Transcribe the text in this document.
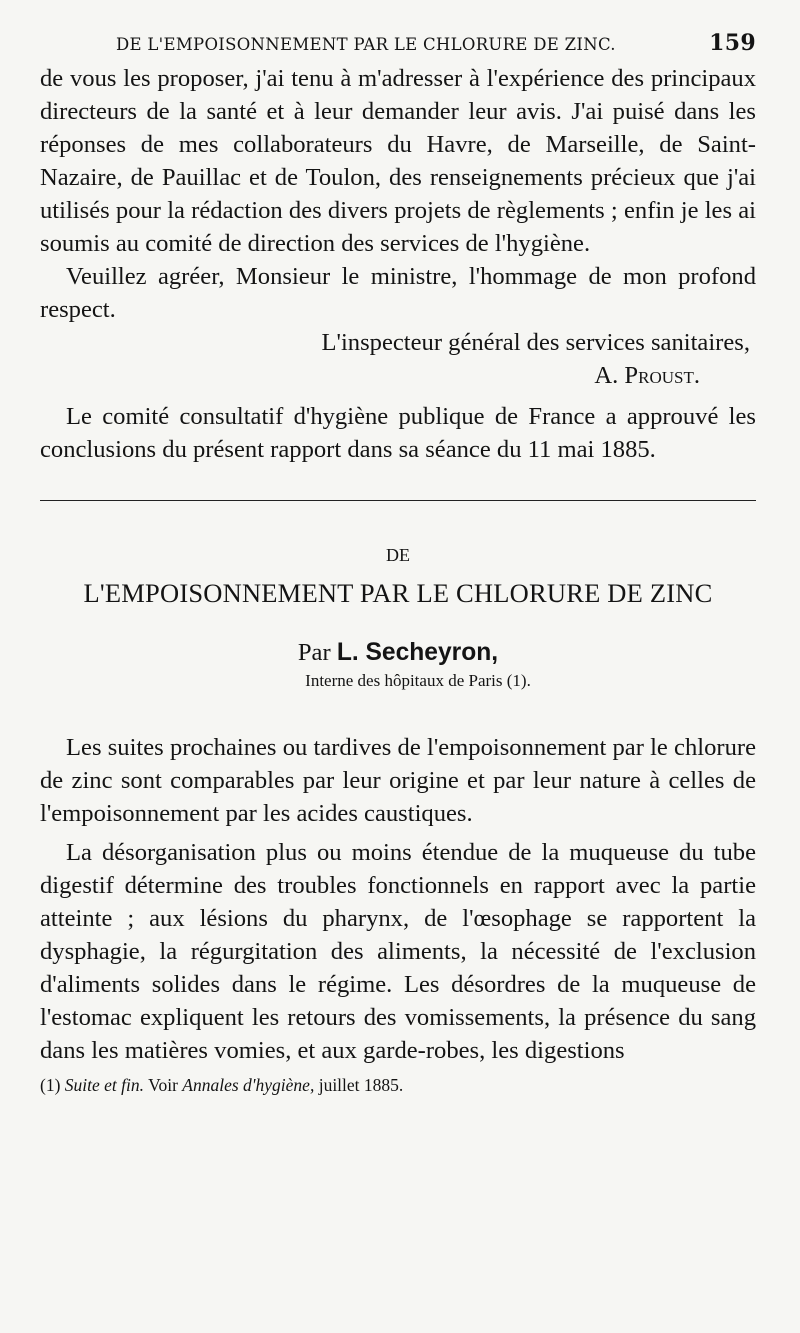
DE L'EMPOISONNEMENT PAR LE CHLORURE DE ZINC.	159

de vous les proposer, j'ai tenu à m'adresser à l'expérience des principaux directeurs de la santé et à leur demander leur avis. J'ai puisé dans les réponses de mes collaborateurs du Havre, de Marseille, de Saint-Nazaire, de Pauillac et de Toulon, des renseignements précieux que j'ai utilisés pour la rédaction des divers projets de règlements ; enfin je les ai soumis au comité de direction des services de l'hygiène.

Veuillez agréer, Monsieur le ministre, l'hommage de mon profond respect.

L'inspecteur général des services sanitaires,
A. Proust.

Le comité consultatif d'hygiène publique de France a approuvé les conclusions du présent rapport dans sa séance du 11 mai 1885.

DE
L'EMPOISONNEMENT PAR LE CHLORURE DE ZINC
Par L. Secheyron,
Interne des hôpitaux de Paris (1).

Les suites prochaines ou tardives de l'empoisonnement par le chlorure de zinc sont comparables par leur origine et par leur nature à celles de l'empoisonnement par les acides caustiques.

La désorganisation plus ou moins étendue de la muqueuse du tube digestif détermine des troubles fonctionnels en rapport avec la partie atteinte ; aux lésions du pharynx, de l'œsophage se rapportent la dysphagie, la régurgitation des aliments, la nécessité de l'exclusion d'aliments solides dans le régime. Les désordres de la muqueuse de l'estomac expliquent les retours des vomissements, la présence du sang dans les matières vomies, et aux garde-robes, les digestions

(1) Suite et fin. Voir Annales d'hygiène, juillet 1885.
